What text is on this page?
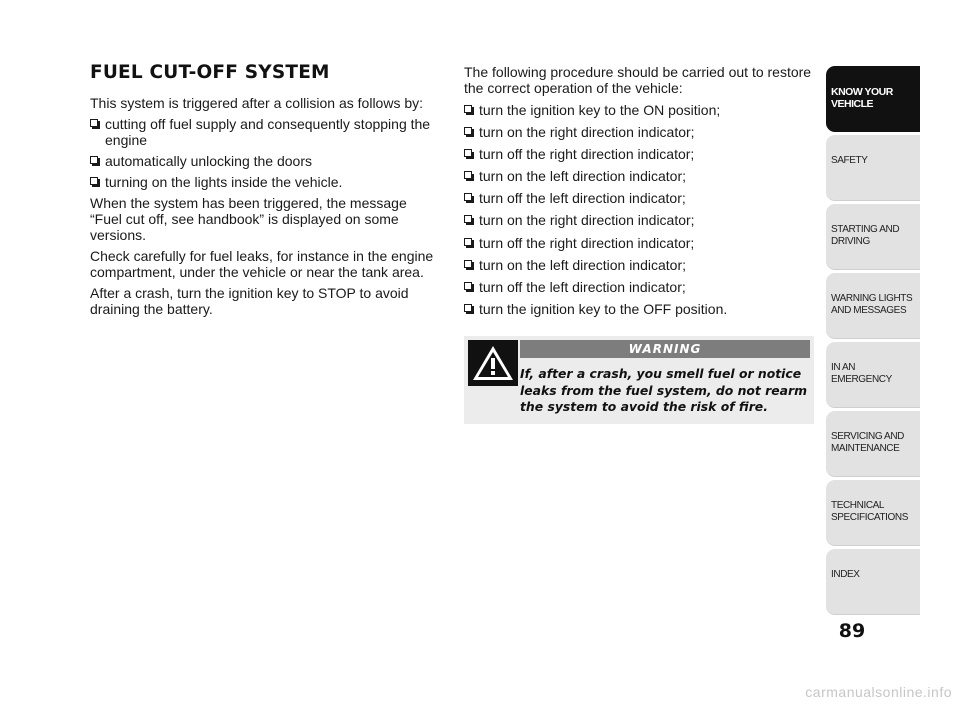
FUEL CUT-OFF SYSTEM

This system is triggered after a collision as follows by:

cutting off fuel supply and consequently stopping the engine
automatically unlocking the doors
turning on the lights inside the vehicle.

When the system has been triggered, the message “Fuel cut off, see handbook” is displayed on some versions.

Check carefully for fuel leaks, for instance in the engine compartment, under the vehicle or near the tank area.

After a crash, turn the ignition key to STOP to avoid draining the battery.

The following procedure should be carried out to restore the correct operation of the vehicle:

turn the ignition key to the ON position;
turn on the right direction indicator;
turn off the right direction indicator;
turn on the left direction indicator;
turn off the left direction indicator;
turn on the right direction indicator;
turn off the right direction indicator;
turn on the left direction indicator;
turn off the left direction indicator;
turn the ignition key to the OFF position.
WARNING

If, after a crash, you smell fuel or notice leaks from the fuel system, do not rearm the system to avoid the risk of fire.

KNOW YOUR
VEHICLE
SAFETY
STARTING AND
DRIVING
WARNING LIGHTS
AND MESSAGES
IN AN EMERGENCY
SERVICING AND
MAINTENANCE
TECHNICAL
SPECIFICATIONS
INDEX
89
carmanualsonline.info
